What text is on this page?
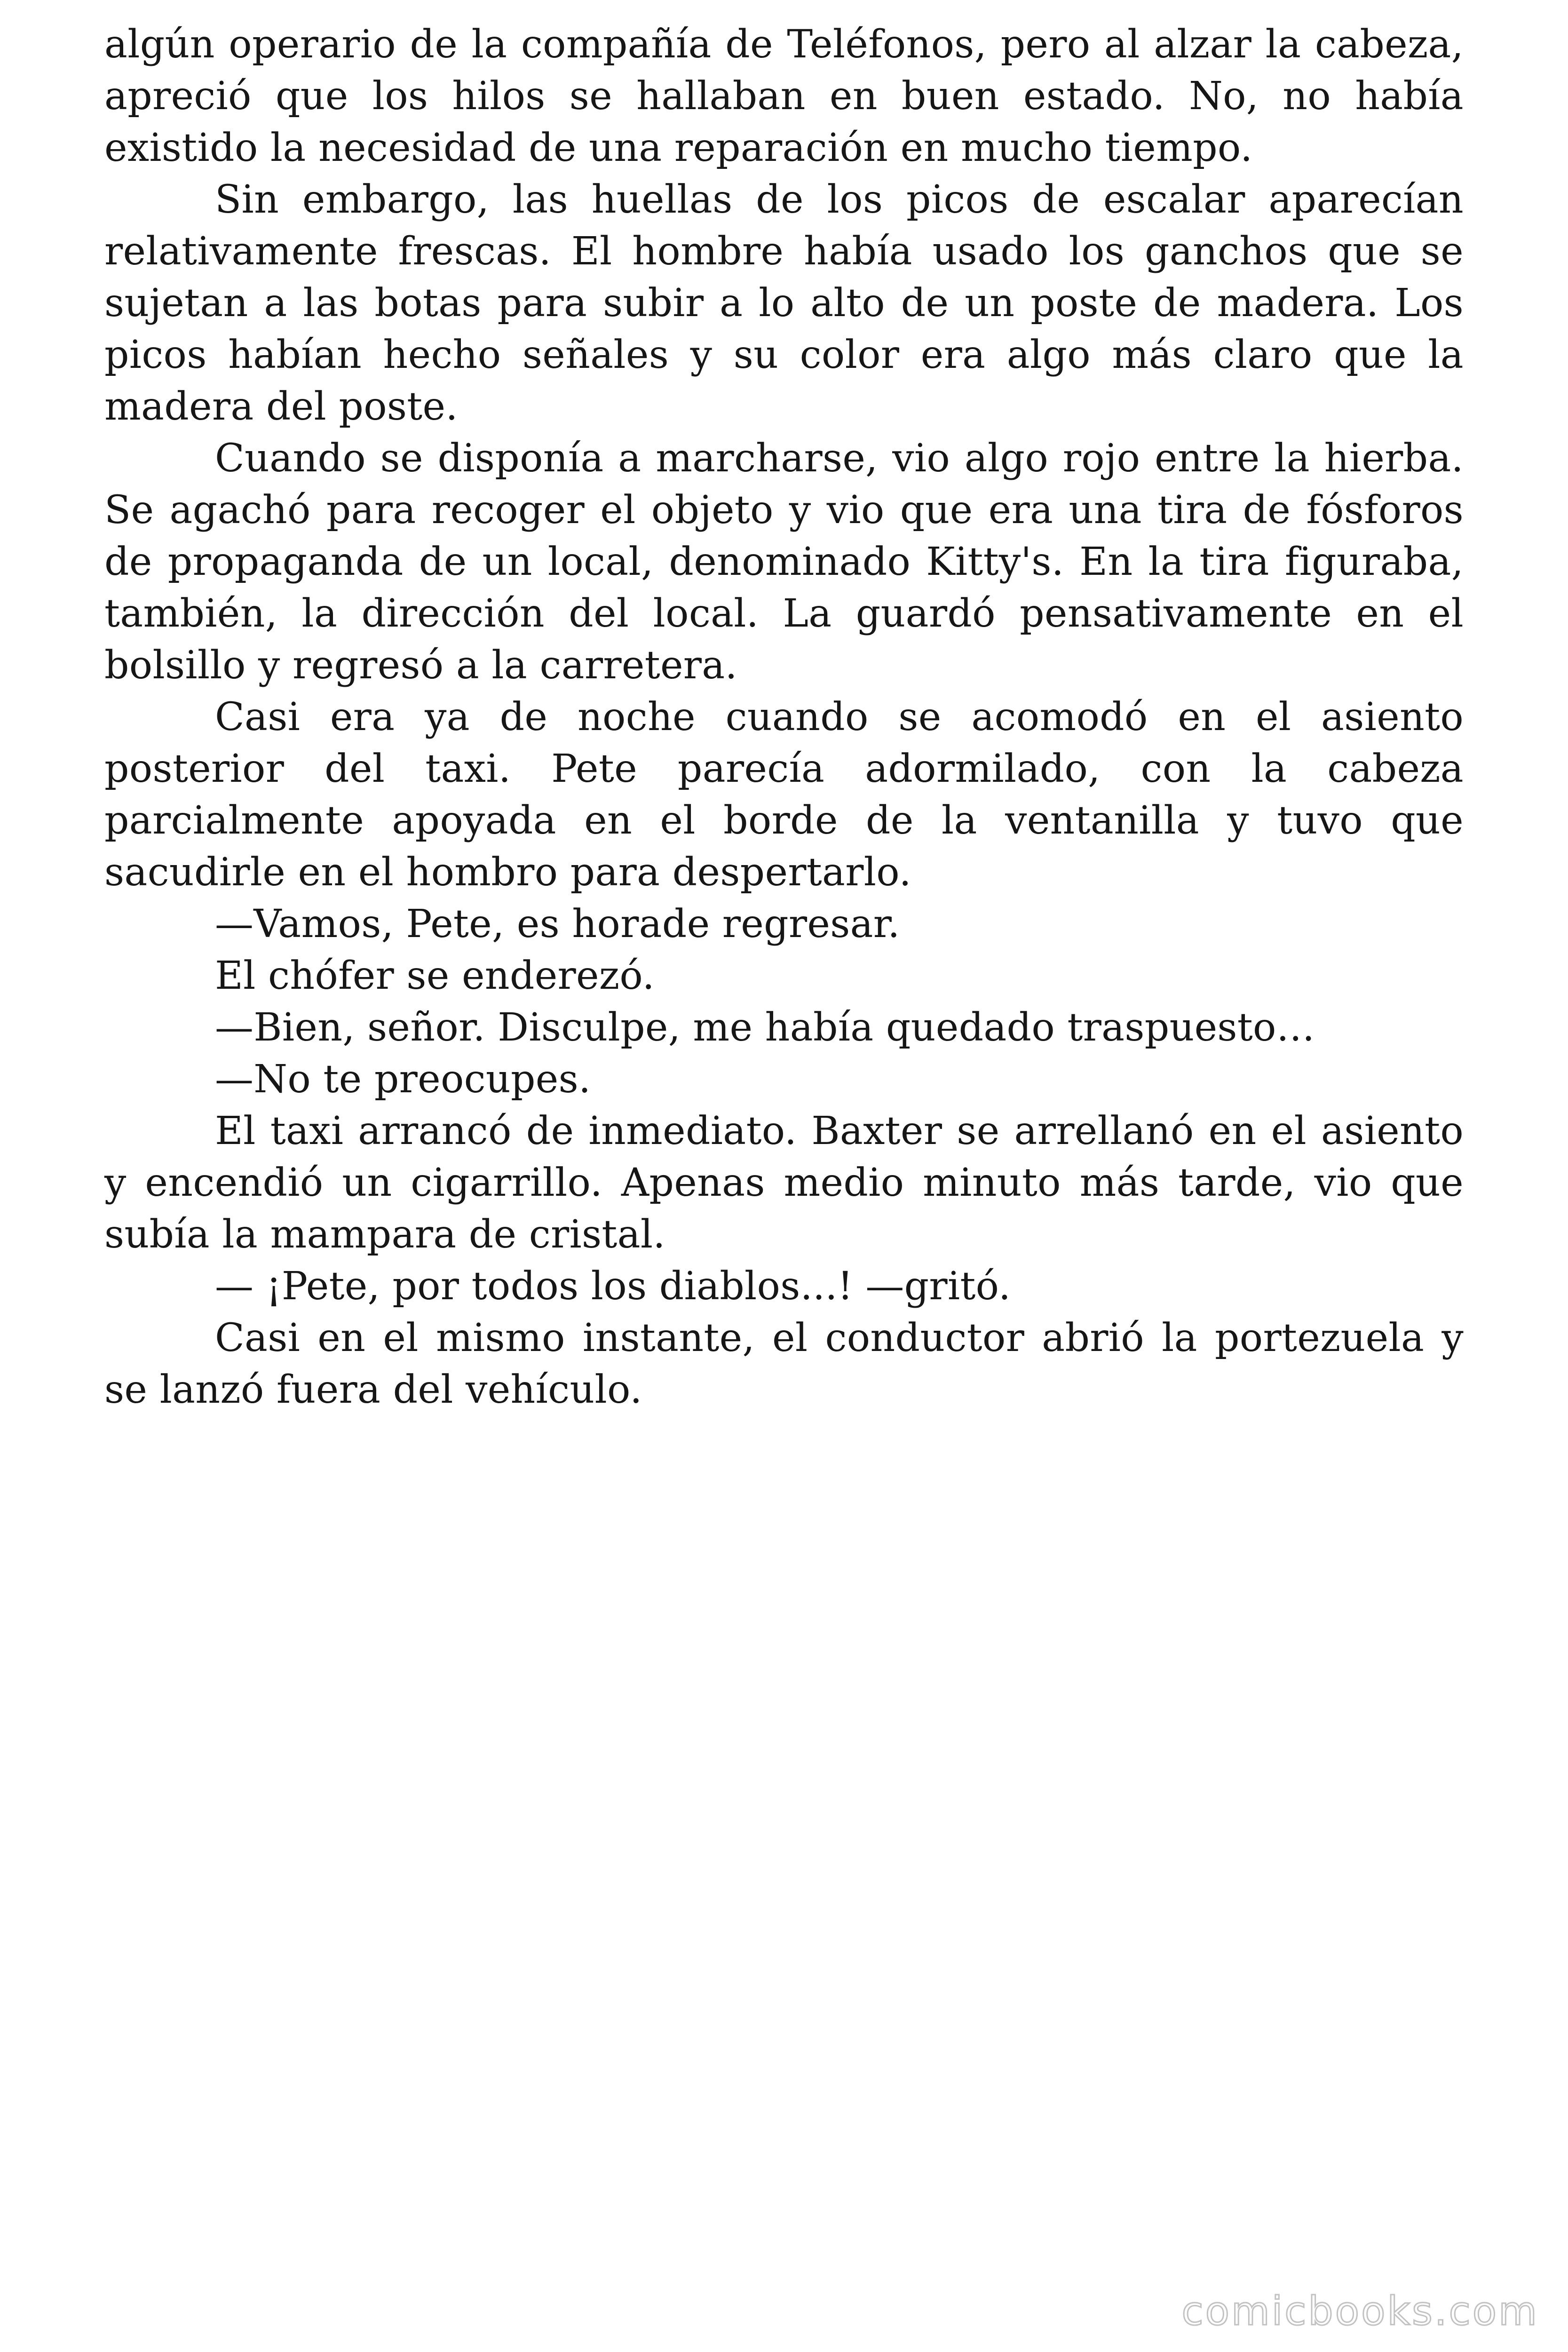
algún operario de la compañía de Teléfonos, pero al alzar la cabeza, apreció que los hilos se hallaban en buen estado. No, no había existido la necesidad de una reparación en mucho tiempo.

Sin embargo, las huellas de los picos de escalar aparecían relativamente frescas. El hombre había usado los ganchos que se sujetan a las botas para subir a lo alto de un poste de madera. Los picos habían hecho señales y su color era algo más claro que la madera del poste.

Cuando se disponía a marcharse, vio algo rojo entre la hierba. Se agachó para recoger el objeto y vio que era una tira de fósforos de propaganda de un local, denominado Kitty's. En la tira figuraba, también, la dirección del local. La guardó pensativamente en el bolsillo y regresó a la carretera.

Casi era ya de noche cuando se acomodó en el asiento posterior del taxi. Pete parecía adormilado, con la cabeza parcialmente apoyada en el borde de la ventanilla y tuvo que sacudirle en el hombro para despertarlo.

—Vamos, Pete, es horade regresar.

El chófer se enderezó.

—Bien, señor. Disculpe, me había quedado traspuesto…

—No te preocupes.

El taxi arrancó de inmediato. Baxter se arrellanó en el asiento y encendió un cigarrillo. Apenas medio minuto más tarde, vio que subía la mampara de cristal.

— ¡Pete, por todos los diablos...! —gritó.

Casi en el mismo instante, el conductor abrió la portezuela y se lanzó fuera del vehículo.

comicbooks.com
